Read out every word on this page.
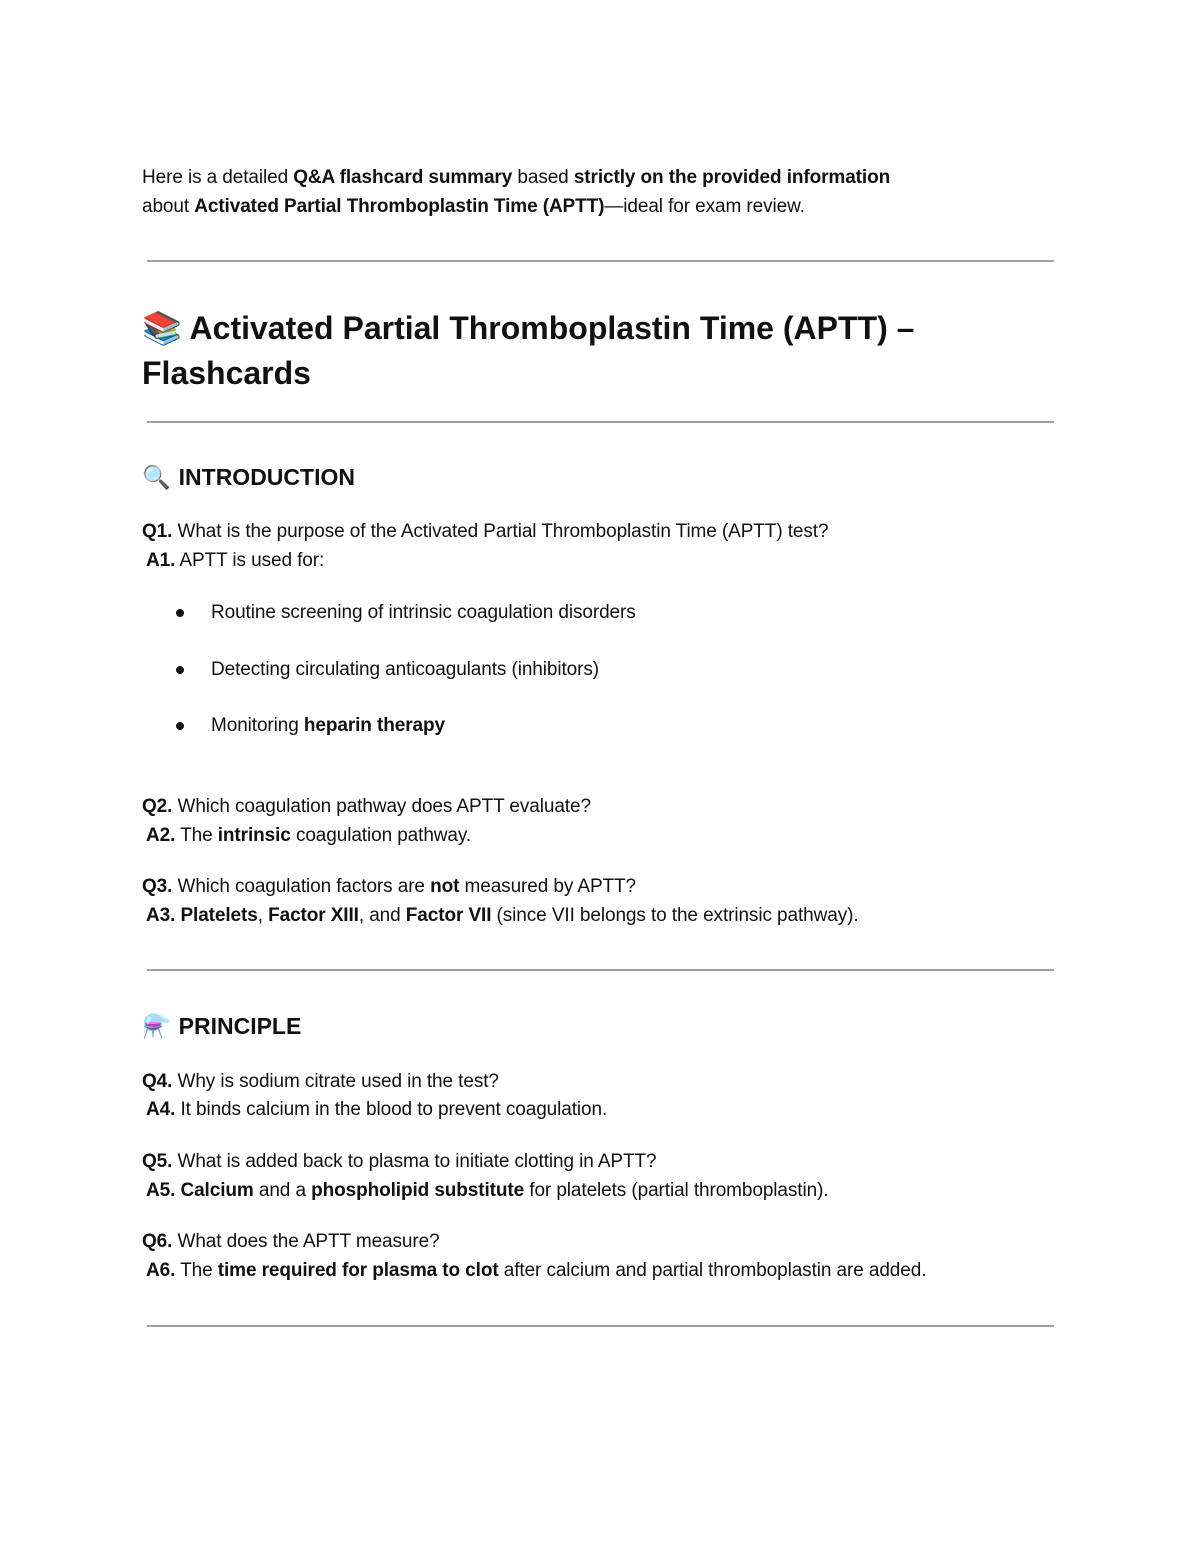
Here is a detailed Q&A flashcard summary based strictly on the provided information
about Activated Partial Thromboplastin Time (APTT)—ideal for exam review.
📚 Activated Partial Thromboplastin Time (APTT) –
Flashcards
🔍 INTRODUCTION
Q1. What is the purpose of the Activated Partial Thromboplastin Time (APTT) test?
A1. APTT is used for:
Routine screening of intrinsic coagulation disorders
Detecting circulating anticoagulants (inhibitors)
Monitoring heparin therapy
Q2. Which coagulation pathway does APTT evaluate?
A2. The intrinsic coagulation pathway.
Q3. Which coagulation factors are not measured by APTT?
A3. Platelets, Factor XIII, and Factor VII (since VII belongs to the extrinsic pathway).
⚗️ PRINCIPLE
Q4. Why is sodium citrate used in the test?
A4. It binds calcium in the blood to prevent coagulation.
Q5. What is added back to plasma to initiate clotting in APTT?
A5. Calcium and a phospholipid substitute for platelets (partial thromboplastin).
Q6. What does the APTT measure?
A6. The time required for plasma to clot after calcium and partial thromboplastin are added.
